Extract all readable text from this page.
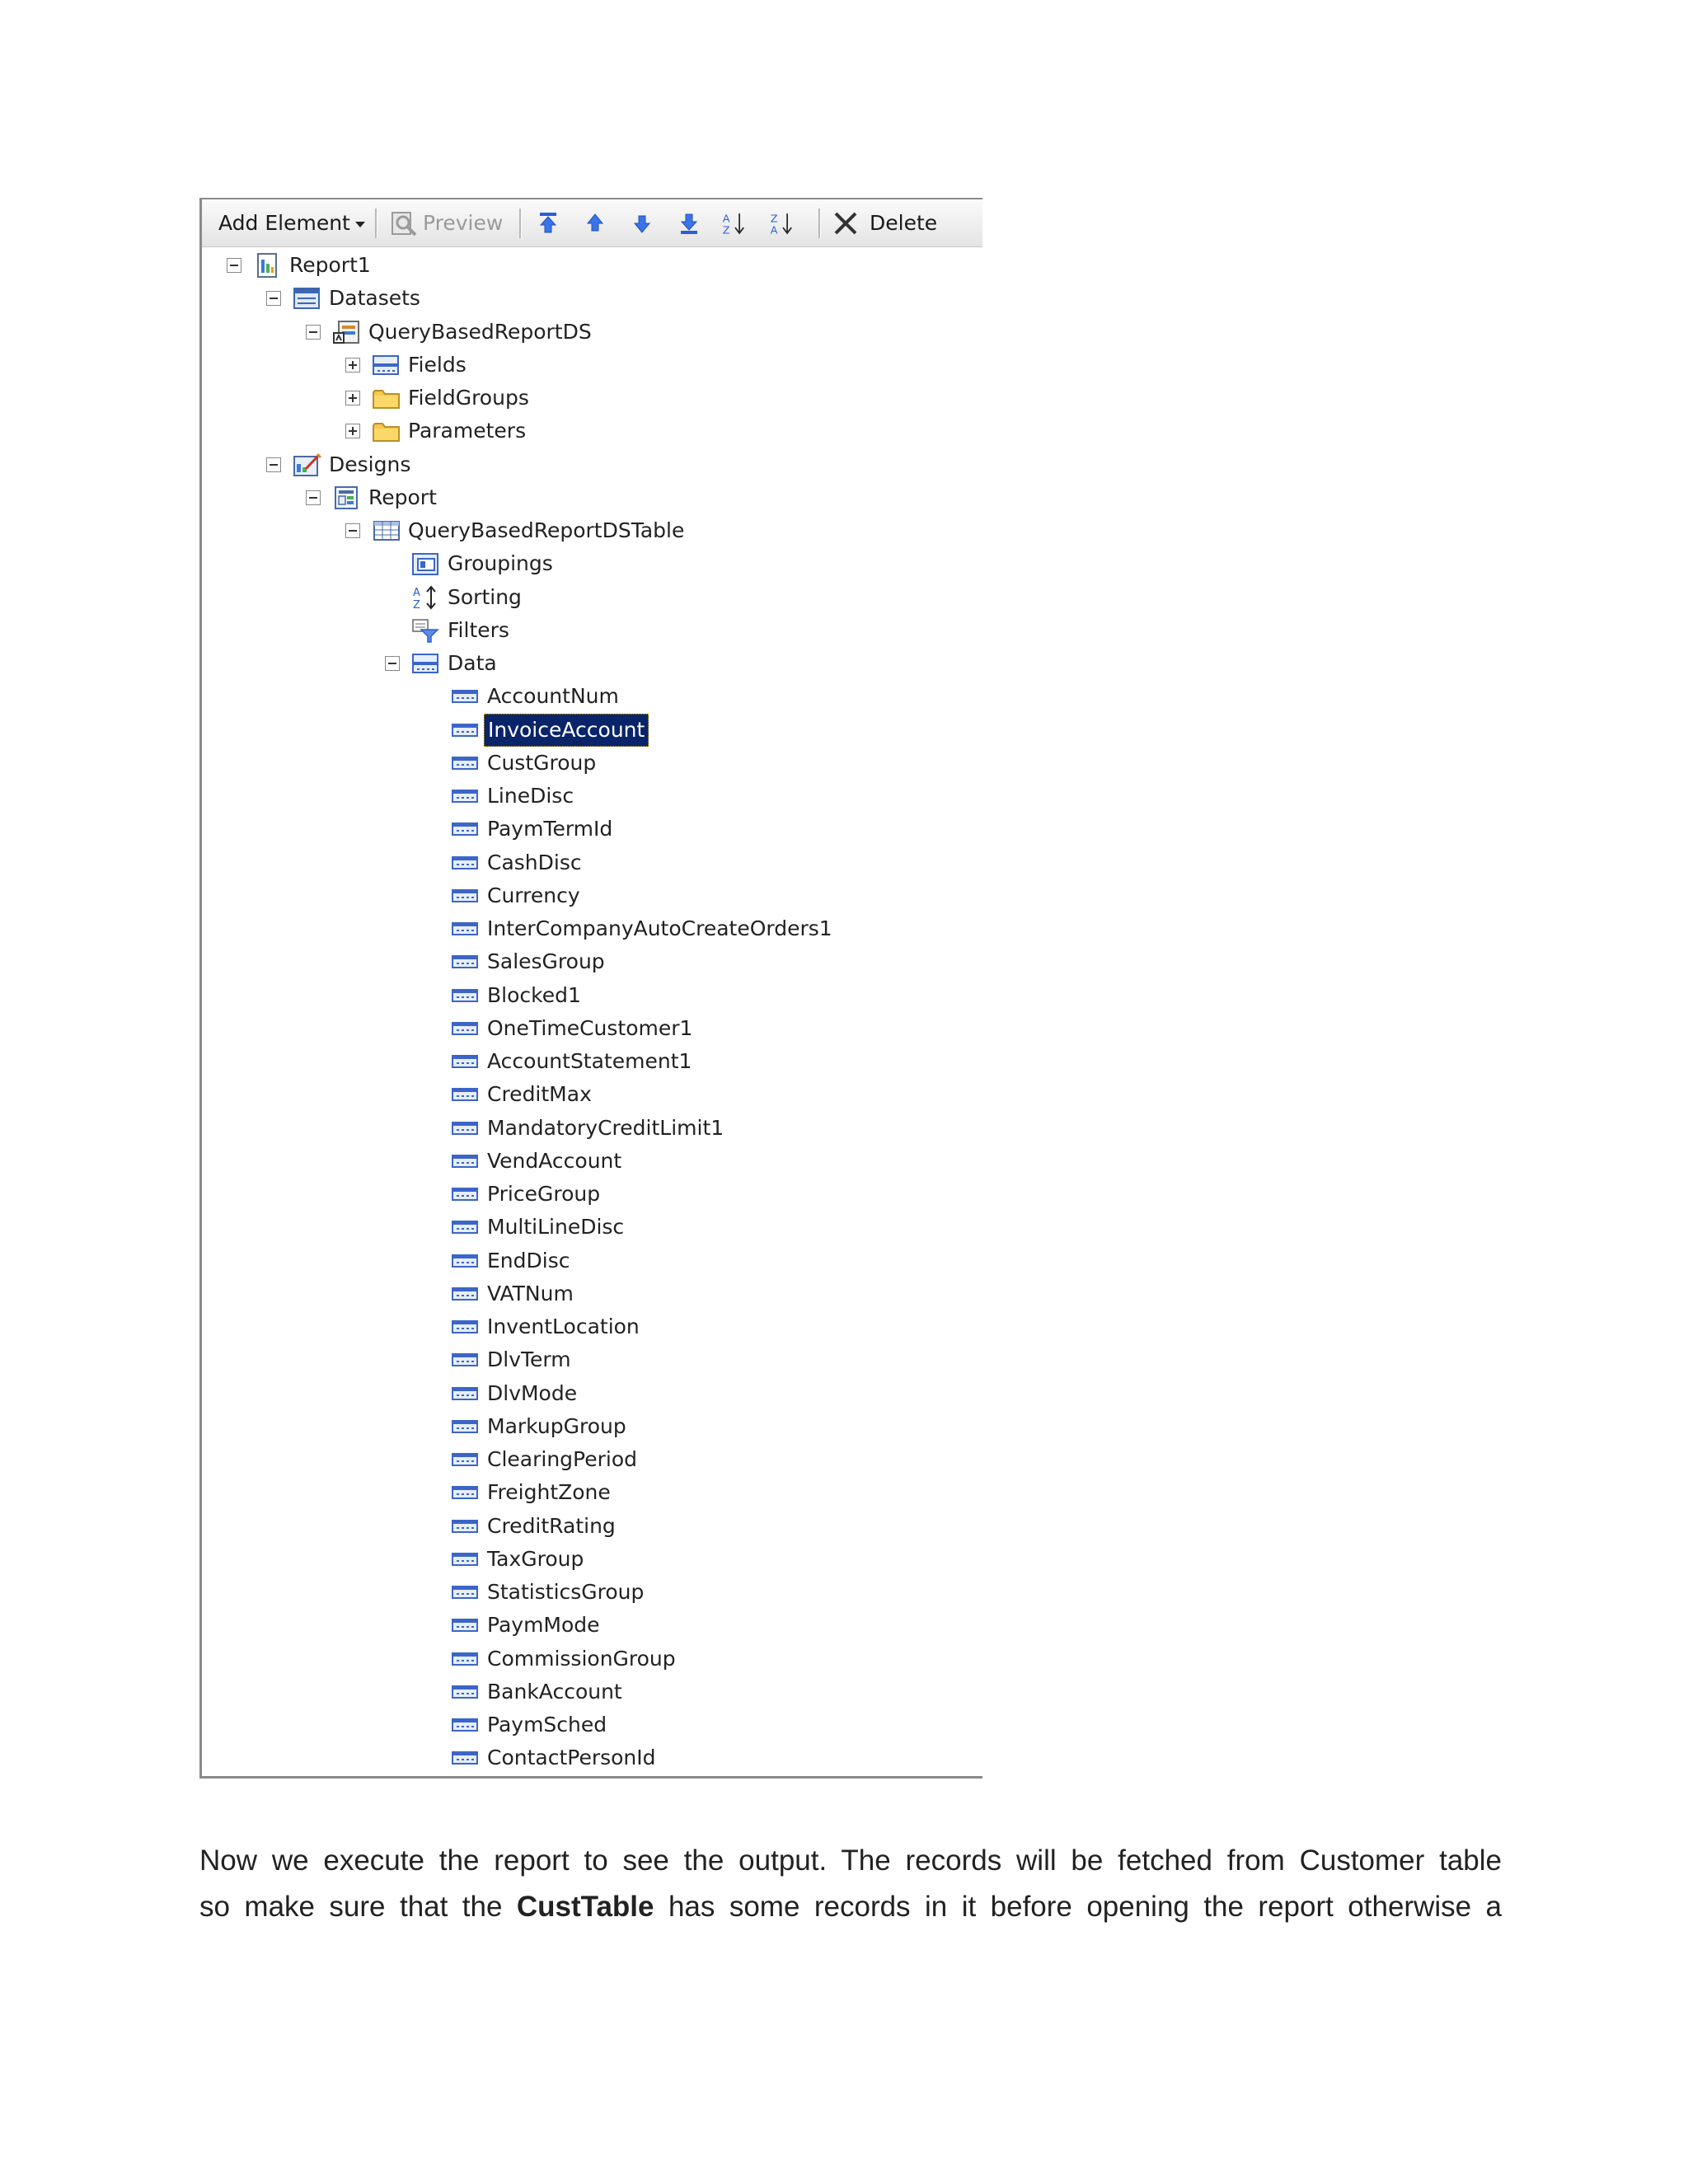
Add Element	Preview	A
Z
Z
A	Delete
Report1
Datasets
QueryBasedReportDS
Fields
FieldGroups
Parameters
Designs
Report
QueryBasedReportDSTable
Groupings
A
Z Sorting
Filters
Data
AccountNum
InvoiceAccount
CustGroup
LineDisc
PaymTermId
CashDisc
Currency
InterCompanyAutoCreateOrders1
SalesGroup
Blocked1
OneTimeCustomer1
AccountStatement1
CreditMax
MandatoryCreditLimit1
VendAccount
PriceGroup
MultiLineDisc
EndDisc
VATNum
InventLocation
DlvTerm
DlvMode
MarkupGroup
ClearingPeriod
FreightZone
CreditRating
TaxGroup
StatisticsGroup
PaymMode
CommissionGroup
BankAccount
PaymSched
ContactPersonId
Now we execute the report to see the output. The records will be fetched from Customer table
so make sure that the CustTable has some records in it before opening the report otherwise a
